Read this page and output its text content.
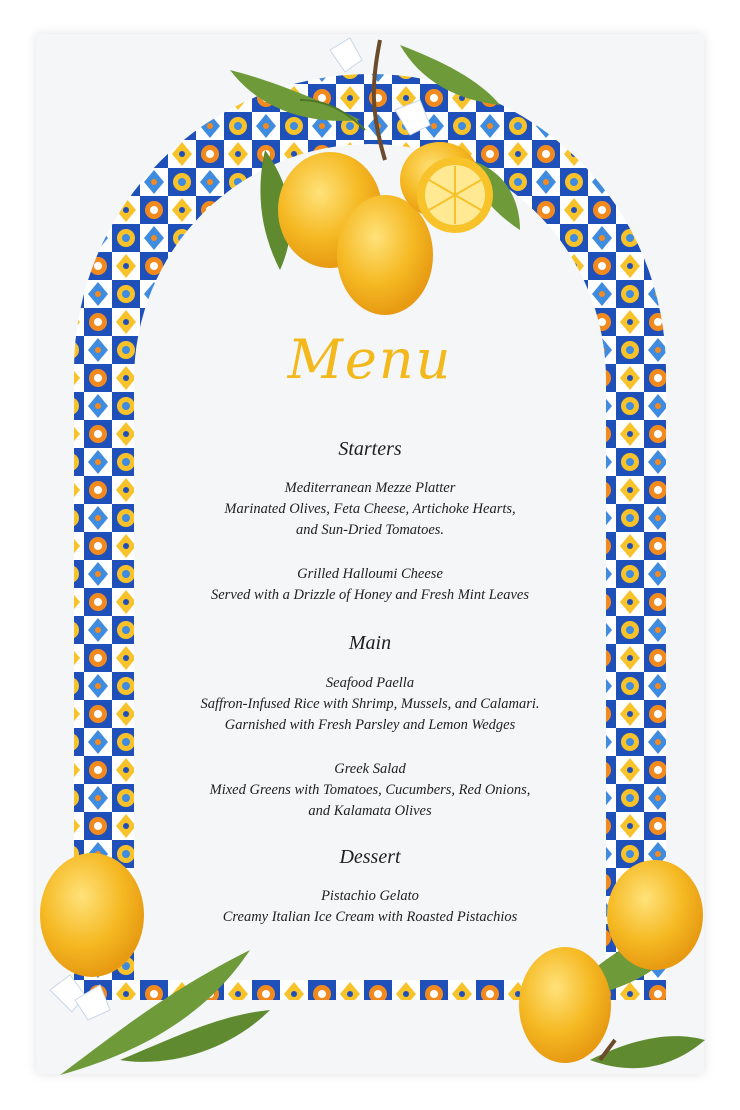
Menu
Starters
Mediterranean Mezze Platter
Marinated Olives, Feta Cheese, Artichoke Hearts,
and Sun-Dried Tomatoes.
Grilled Halloumi Cheese
Served with a Drizzle of Honey and Fresh Mint Leaves
Main
Seafood Paella
Saffron-Infused Rice with Shrimp, Mussels, and Calamari.
Garnished with Fresh Parsley and Lemon Wedges
Greek Salad
Mixed Greens with Tomatoes, Cucumbers, Red Onions,
and Kalamata Olives
Dessert
Pistachio Gelato
Creamy Italian Ice Cream with Roasted Pistachios
